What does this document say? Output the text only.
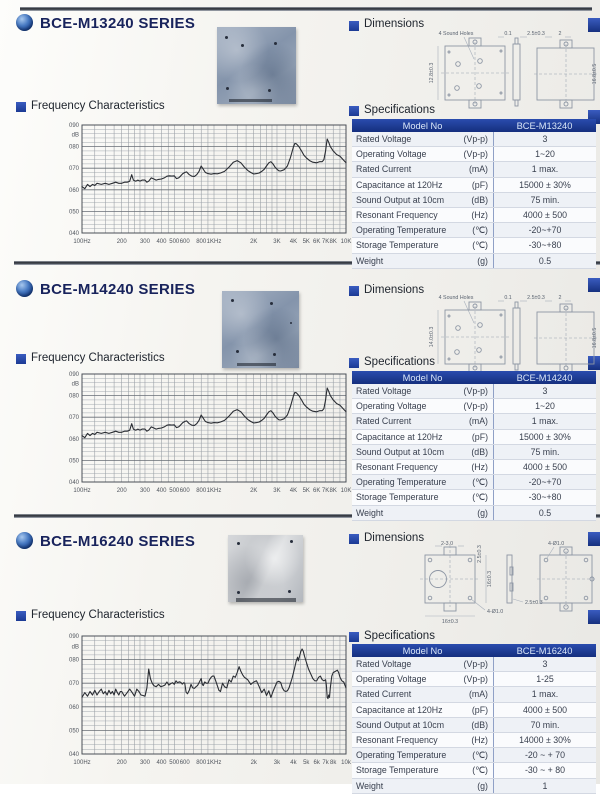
BCE-M13240 SERIES	Dimensions
4 Sound Holes
12.8±0.3
0.1	2.5±0.3	2
16.8±0.5
Frequency Characteristics
090
dB
080
070
060
050
040
100Hz	200 300 400 500 600 800 1KHz	2K	3K 4K 5K 6K 7K 8K 10K
Specifications
Model No	BCE-M13240
Rated Voltage	(Vp-p)	3
Operating Voltage	(Vp-p)	1~20
Rated Current	(mA)	1 max.
Capacitance at 120Hz	(pF)	15000 ± 30%
Sound Output at 10cm	(dB)	75 min.
Resonant Frequency	(Hz)	4000 ± 500
Operating Temperature	(℃)	-20~+70
Storage Temperature	(℃)	-30~+80
Weight	(g)	0.5
BCE-M14240 SERIES	Dimensions
4 Sound Holes
14.0±0.3
0.1	2.5±0.3	2
16.8±0.5
Frequency Characteristics
090
dB
080
070
060
050
040
100Hz	200 300 400 500 600 800 1KHz	2K	3K 4K 5K 6K 7K 8K 10K
Specifications
Model No	BCE-M14240
Rated Voltage	(Vp-p)	3
Operating Voltage	(Vp-p)	1~20
Rated Current	(mA)	1 max.
Capacitance at 120Hz	(pF)	15000 ± 30%
Sound Output at 10cm	(dB)	75 min.
Resonant Frequency	(Hz)	4000 ± 500
Operating Temperature	(℃)	-20~+70
Storage Temperature	(℃)	-30~+80
Weight	(g)	0.5
BCE-M16240 SERIES	Dimensions	2-3.0
2.5±0.3
16±0.3
16±0.3
4-Ø1.0
2.5±0.3
4-Ø1.0
Frequency Characteristics
090
dB
080
070
060
050
040
100Hz	200 300 400 500 600 800 1KHz	2k	3k 4k 5k 6k 7k 8k 10k
Specifications
Model No	BCE-M16240
Rated Voltage	(Vp-p)	3
Operating Voltage	(Vp-p)	1-25
Rated Current	(mA)	1 max.
Capacitance at 120Hz	(pF)	4000 ± 500
Sound Output at 10cm	(dB)	70 min.
Resonant Frequency	(Hz)	14000 ± 30%
Operating Temperature	(℃)	-20 ~ + 70
Storage Temperature	(℃)	-30 ~ + 80
Weight	(g)	1
